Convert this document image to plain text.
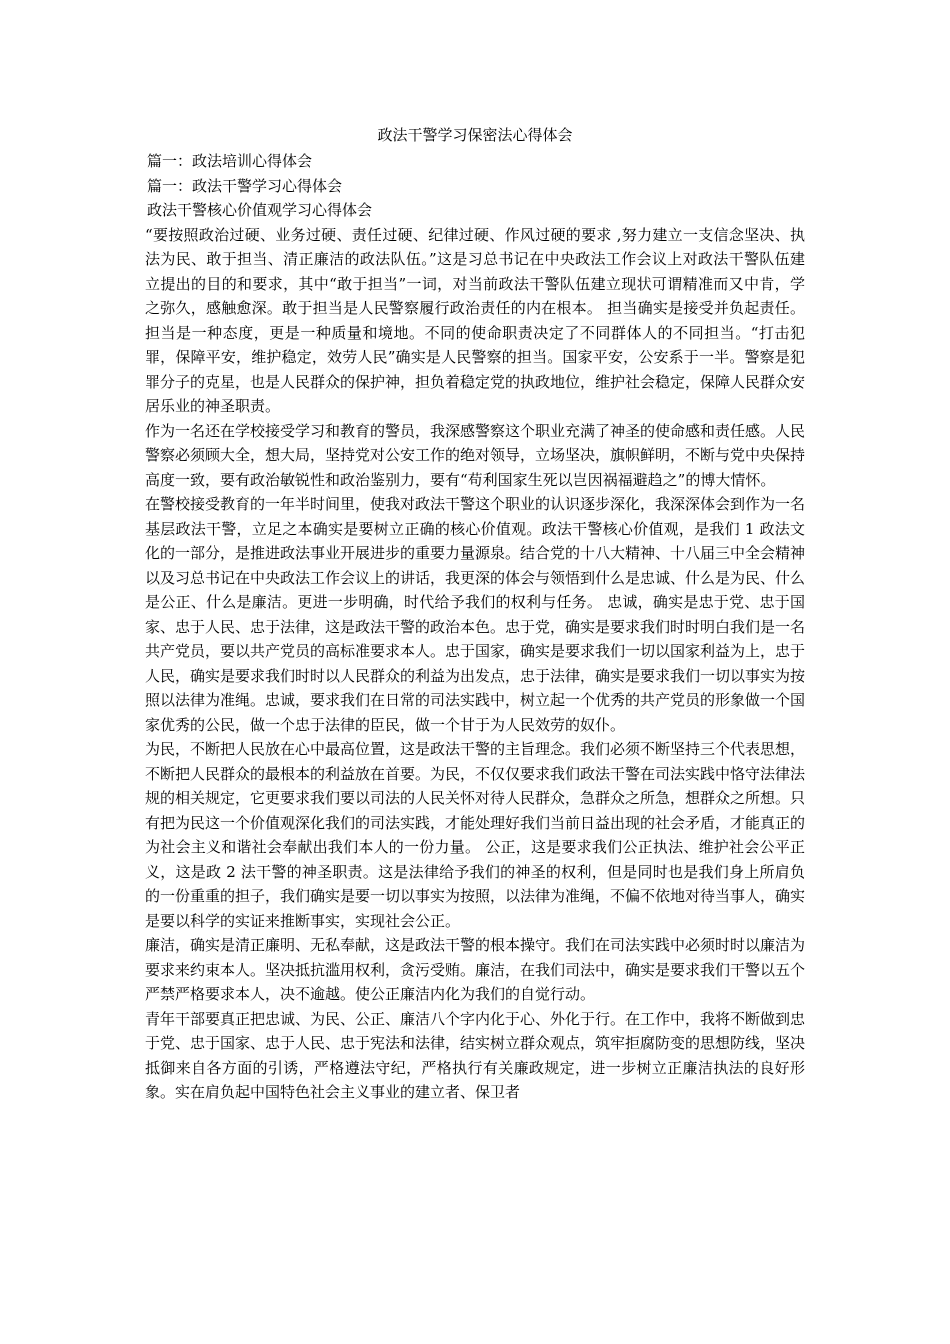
政法干警学习保密法心得体会
篇一：政法培训心得体会
篇一：政法干警学习心得体会
政法干警核心价值观学习心得体会

“要按照政治过硬、业务过硬、责任过硬、纪律过硬、作风过硬的要求 ,努力建立一支信念坚决、执法为民、敢于担当、清正廉洁的政法队伍。”这是习总书记在中央政法工作会议上对政法干警队伍建立提出的目的和要求，其中“敢于担当”一词，对当前政法干警队伍建立现状可谓精准而又中肯，学之弥久，感触愈深。敢于担当是人民警察履行政治责任的内在根本。 担当确实是接受并负起责任。担当是一种态度，更是一种质量和境地。不同的使命职责决定了不同群体人的不同担当。“打击犯罪，保障平安，维护稳定，效劳人民”确实是人民警察的担当。国家平安，公安系于一半。警察是犯罪分子的克星，也是人民群众的保护神，担负着稳定党的执政地位，维护社会稳定，保障人民群众安居乐业的神圣职责。

作为一名还在学校接受学习和教育的警员，我深感警察这个职业充满了神圣的使命感和责任感。人民警察必须顾大全，想大局，坚持党对公安工作的绝对领导，立场坚决，旗帜鲜明，不断与党中央保持高度一致，要有政治敏锐性和政治鉴别力，要有“苟利国家生死以岂因祸福避趋之”的博大情怀。

在警校接受教育的一年半时间里，使我对政法干警这个职业的认识逐步深化，我深深体会到作为一名基层政法干警，立足之本确实是要树立正确的核心价值观。政法干警核心价值观，是我们 1 政法文化的一部分，是推进政法事业开展进步的重要力量源泉。结合党的十八大精神、十八届三中全会精神以及习总书记在中央政法工作会议上的讲话，我更深的体会与领悟到什么是忠诚、什么是为民、什么是公正、什么是廉洁。更进一步明确，时代给予我们的权利与任务。 忠诚，确实是忠于党、忠于国家、忠于人民、忠于法律，这是政法干警的政治本色。忠于党，确实是要求我们时时明白我们是一名共产党员，要以共产党员的高标准要求本人。忠于国家，确实是要求我们一切以国家利益为上，忠于人民，确实是要求我们时时以人民群众的利益为出发点，忠于法律，确实是要求我们一切以事实为按照以法律为准绳。忠诚，要求我们在日常的司法实践中，树立起一个优秀的共产党员的形象做一个国家优秀的公民，做一个忠于法律的臣民，做一个甘于为人民效劳的奴仆。

为民，不断把人民放在心中最高位置，这是政法干警的主旨理念。我们必须不断坚持三个代表思想，不断把人民群众的最根本的利益放在首要。为民，不仅仅要求我们政法干警在司法实践中恪守法律法规的相关规定，它更要求我们要以司法的人民关怀对待人民群众，急群众之所急，想群众之所想。只有把为民这一个价值观深化我们的司法实践，才能处理好我们当前日益出现的社会矛盾，才能真正的为社会主义和谐社会奉献出我们本人的一份力量。 公正，这是要求我们公正执法、维护社会公平正义，这是政 2 法干警的神圣职责。这是法律给予我们的神圣的权利，但是同时也是我们身上所肩负的一份重重的担子，我们确实是要一切以事实为按照，以法律为准绳，不偏不依地对待当事人，确实是要以科学的实证来推断事实，实现社会公正。

廉洁，确实是清正廉明、无私奉献，这是政法干警的根本操守。我们在司法实践中必须时时以廉洁为要求来约束本人。坚决抵抗滥用权利，贪污受贿。廉洁，在我们司法中，确实是要求我们干警以五个严禁严格要求本人，决不逾越。使公正廉洁内化为我们的自觉行动。

青年干部要真正把忠诚、为民、公正、廉洁八个字内化于心、外化于行。在工作中，我将不断做到忠于党、忠于国家、忠于人民、忠于宪法和法律，结实树立群众观点，筑牢拒腐防变的思想防线，坚决抵御来自各方面的引诱，严格遵法守纪，严格执行有关廉政规定，进一步树立正廉洁执法的良好形象。实在肩负起中国特色社会主义事业的建立者、保卫者
